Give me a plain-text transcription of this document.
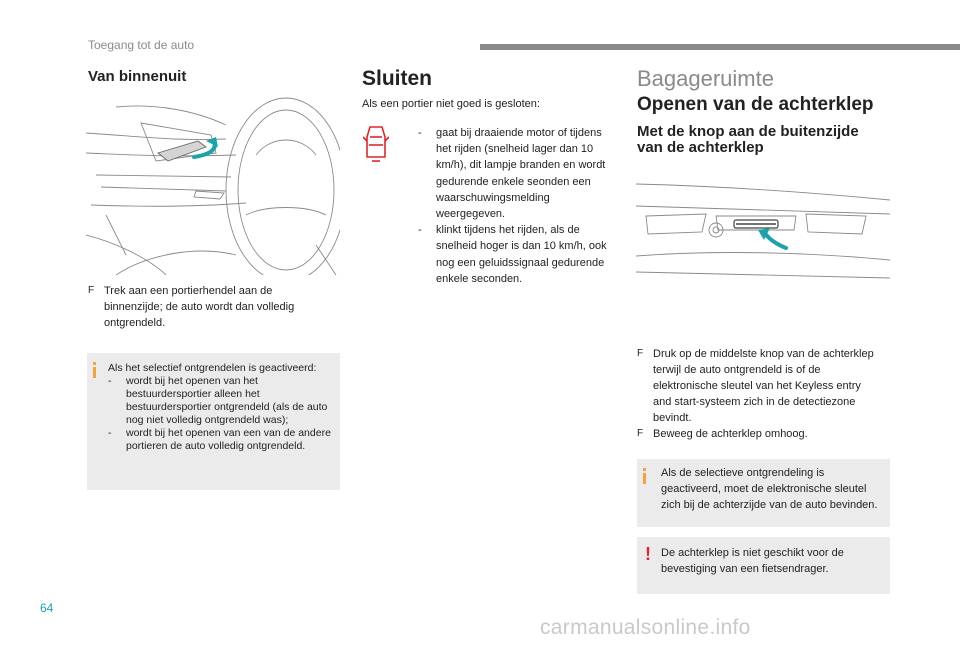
Toegang tot de auto
Van binnenuit
F Trek aan een portierhendel aan de binnenzijde; de auto wordt dan volledig ontgrendeld.
Als het selectief ontgrendelen is geactiveerd:
-	wordt bij het openen van het bestuurdersportier alleen het bestuurdersportier ontgrendeld (als de auto nog niet volledig ontgrendeld was);
-	wordt bij het openen van een van de andere portieren de auto volledig ontgrendeld.
Sluiten
Als een portier niet goed is gesloten:
-	gaat bij draaiende motor of tijdens het rijden (snelheid lager dan 10 km/h), dit lampje branden en wordt gedurende enkele seonden een waarschuwingsmelding weergegeven.
-	klinkt tijdens het rijden, als de snelheid hoger is dan 10 km/h, ook nog een geluidssignaal gedurende enkele seconden.
Bagageruimte
Openen van de achterklep
Met de knop aan de buitenzijde van de achterklep
F Druk op de middelste knop van de achterklep terwijl de auto ontgrendeld is of de elektronische sleutel van het Keyless entry and start-systeem zich in de detectiezone bevindt.
F Beweeg de achterklep omhoog.
Als de selectieve ontgrendeling is geactiveerd, moet de elektronische sleutel zich bij de achterzijde van de auto bevinden.
! De achterklep is niet geschikt voor de bevestiging van een fietsendrager.
64
carmanualsonline.info
